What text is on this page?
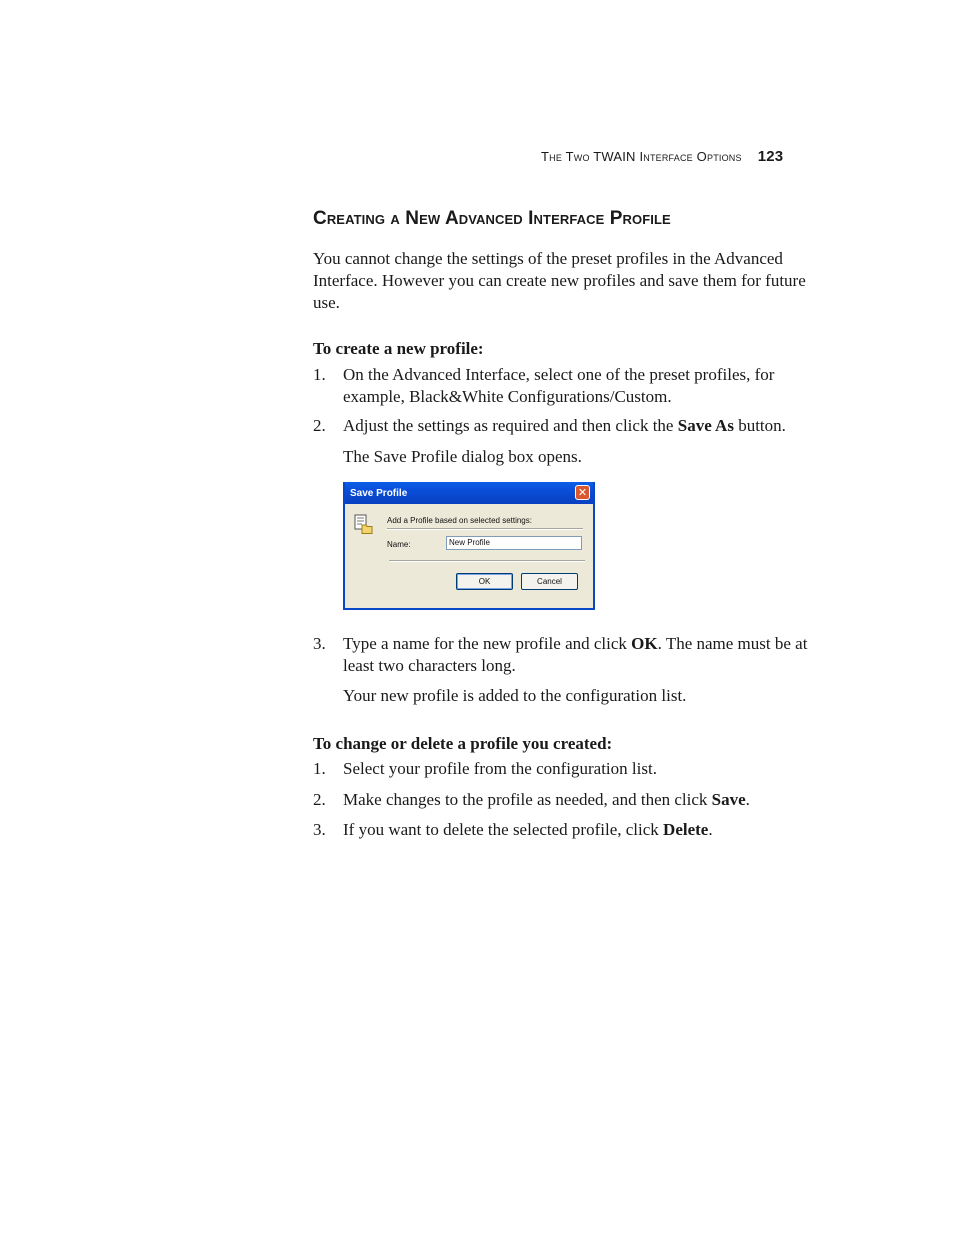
The Two TWAIN Interface Options 123
Creating a New Advanced Interface Profile
You cannot change the settings of the preset profiles in the Advanced Interface. However you can create new profiles and save them for future use.
To create a new profile:
1.	On the Advanced Interface, select one of the preset profiles, for example, Black&White Configurations/Custom.
2.	Adjust the settings as required and then click the Save As button.
The Save Profile dialog box opens.
Save Profile	✕
Add a Profile based on selected settings:
Name:	New Profile
OK	Cancel
3.	Type a name for the new profile and click OK. The name must be at least two characters long.
Your new profile is added to the configuration list.
To change or delete a profile you created:
1.	Select your profile from the configuration list.
2.	Make changes to the profile as needed, and then click Save.
3.	If you want to delete the selected profile, click Delete.
